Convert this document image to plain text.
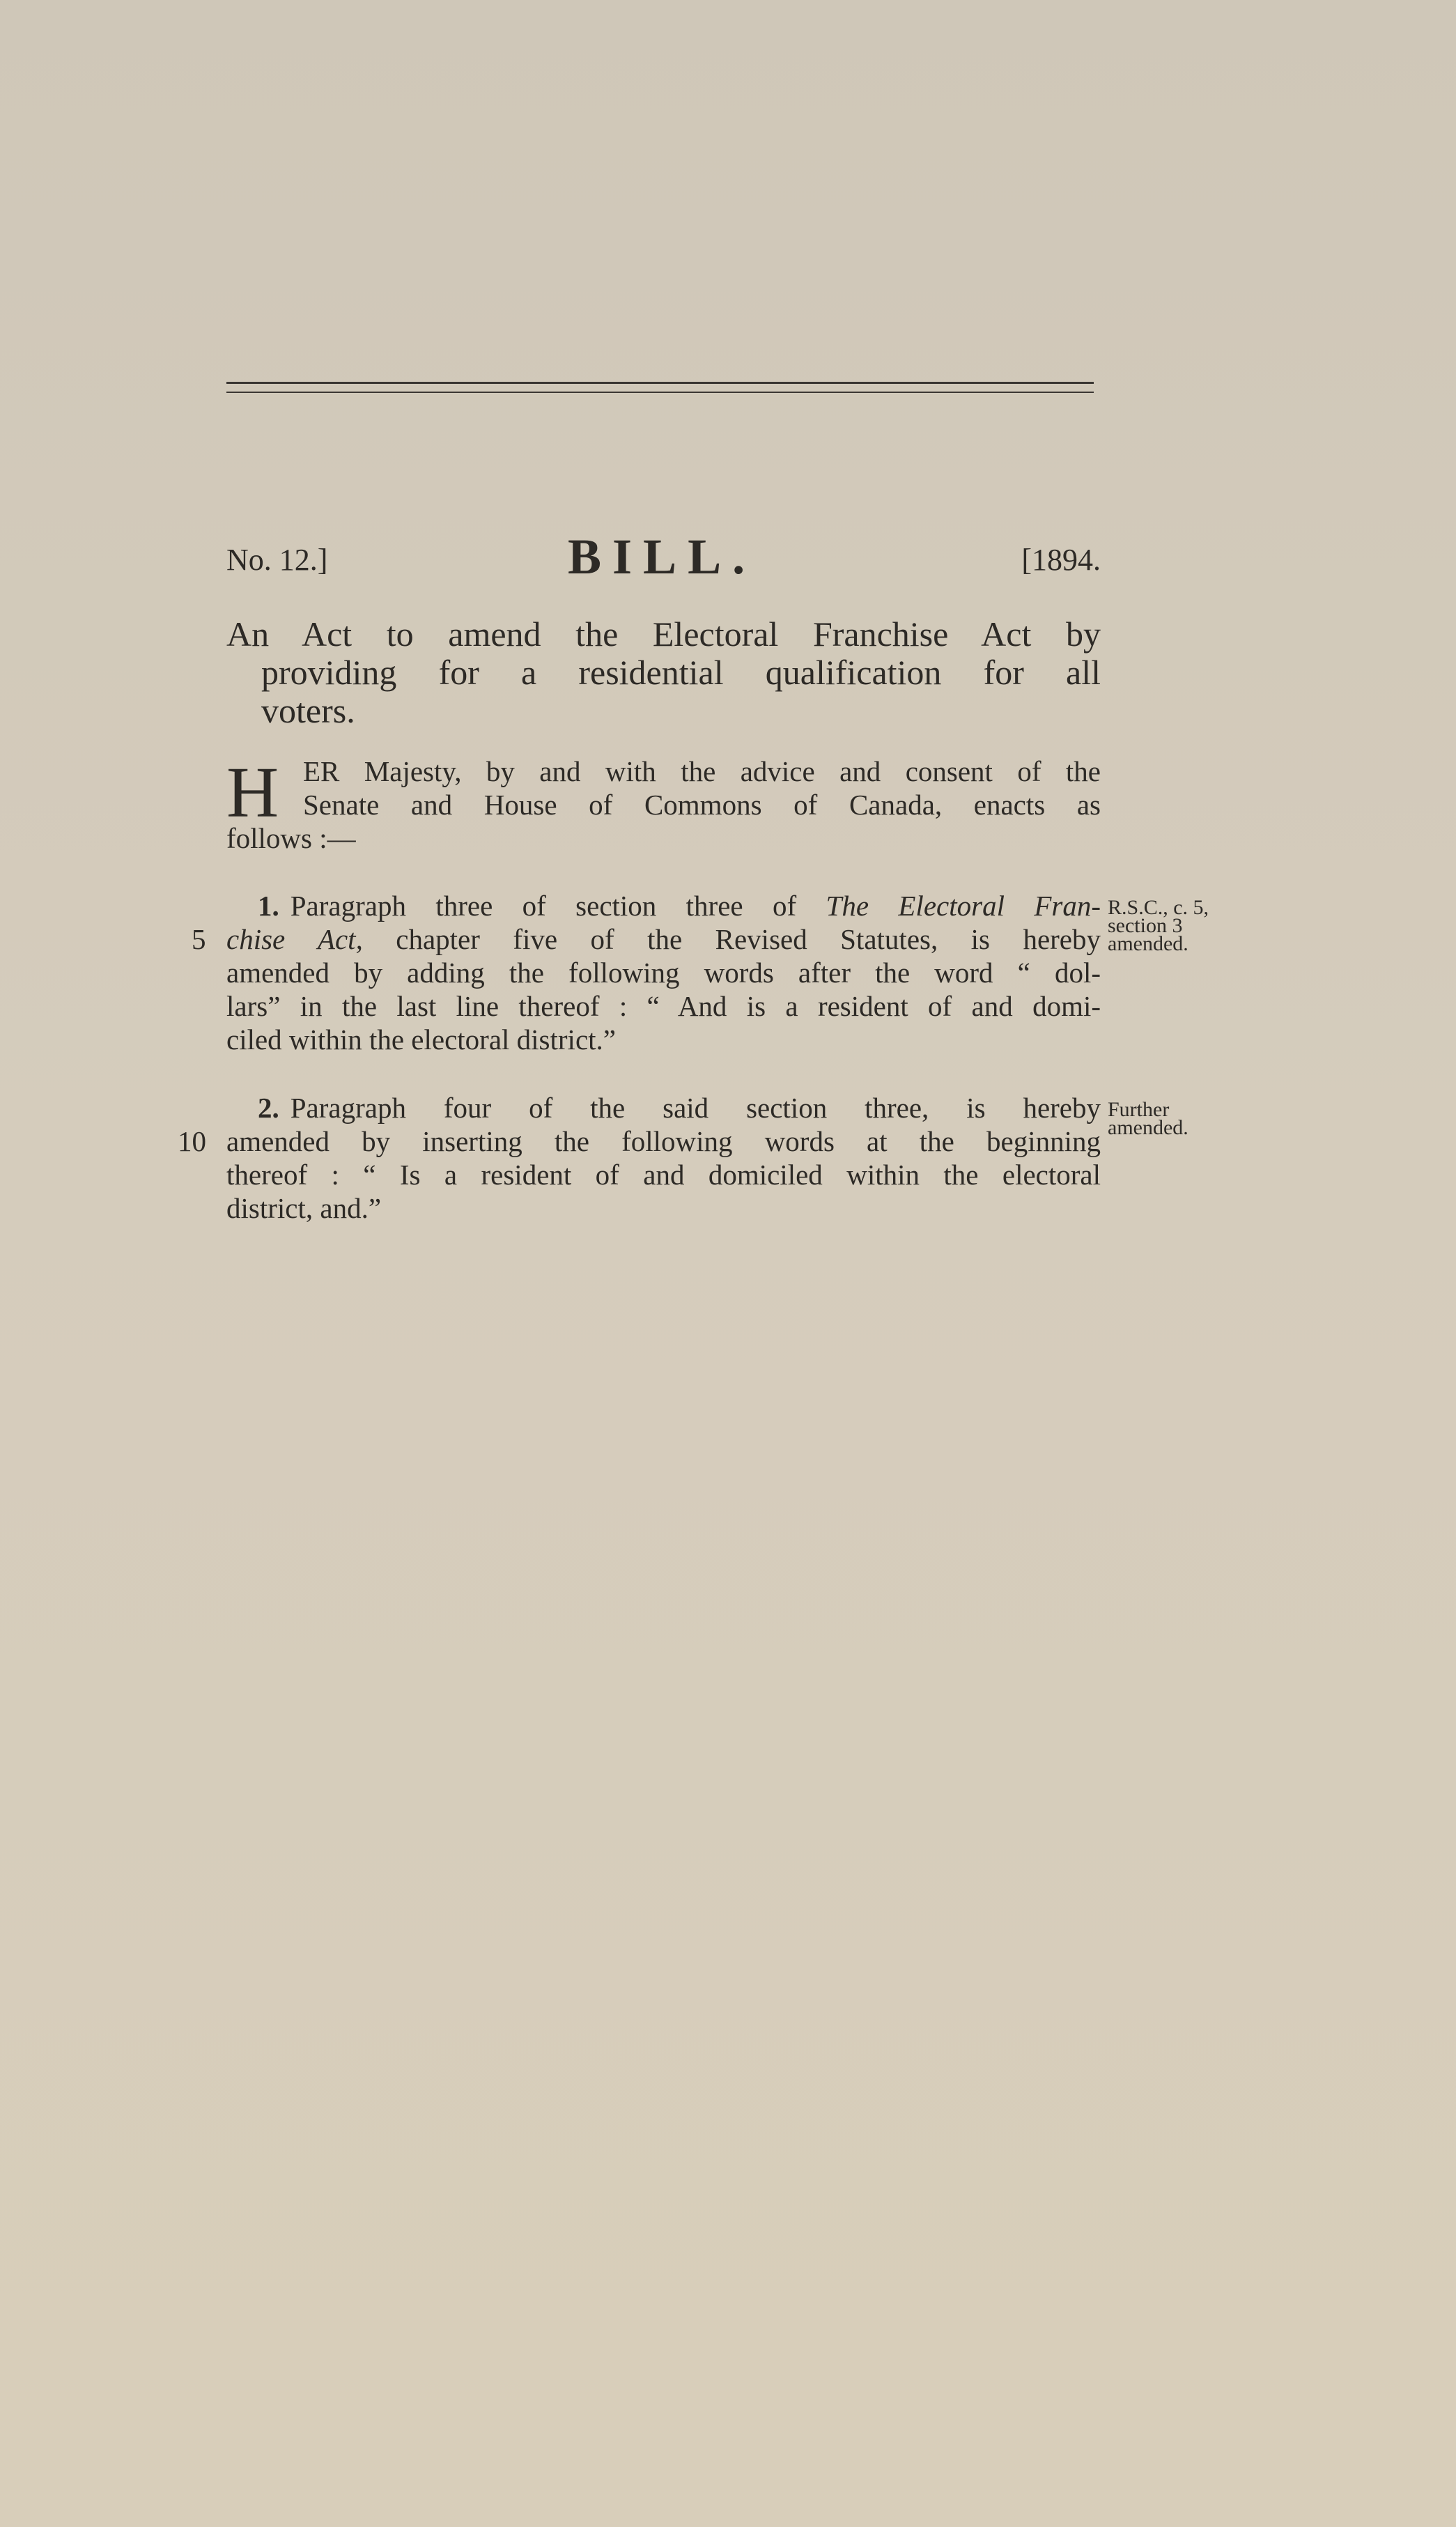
No. 12.]	BILL.	[1894.
An Act to amend the Electoral Franchise Act by
providing for a residential qualification for all
voters.
H ER Majesty, by and with the advice and consent of the
Senate and House of Commons of Canada, enacts as
follows :—
1. Paragraph three of section three of The Electoral Fran-
5 chise Act, chapter five of the Revised Statutes, is hereby
amended by adding the following words after the word “ dol-
lars” in the last line thereof : “ And is a resident of and domi-
ciled within the electoral district.”
R.S.C., c. 5,
section 3
amended.
2. Paragraph four of the said section three, is hereby
10 amended by inserting the following words at the beginning
thereof : “ Is a resident of and domiciled within the electoral
district, and.”
Further
amended.
